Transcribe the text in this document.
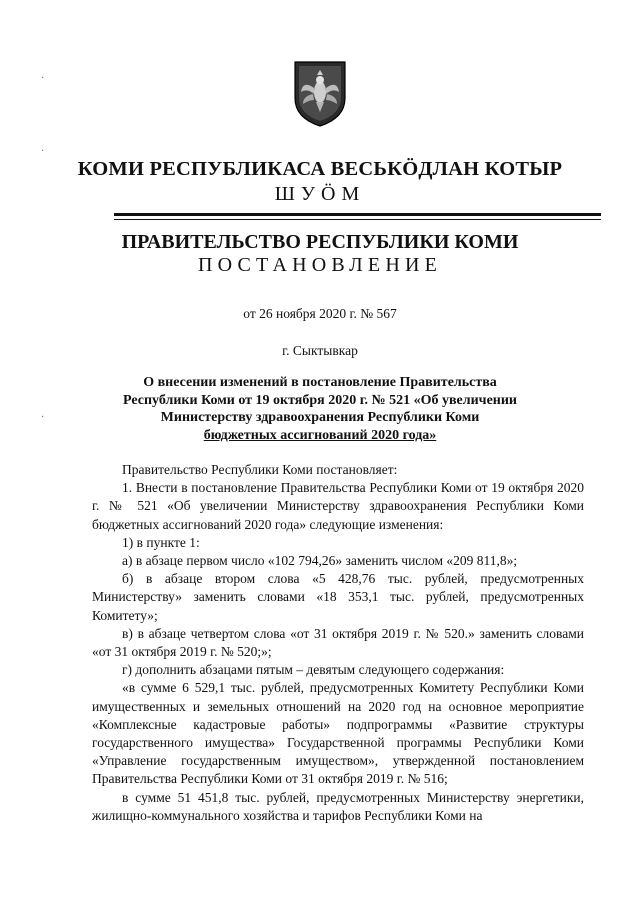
КОМИ РЕСПУБЛИКАСА ВЕСЬКӦДЛАН КОТЫР
ШУÖМ
ПРАВИТЕЛЬСТВО РЕСПУБЛИКИ КОМИ
ПОСТАНОВЛЕНИЕ
от 26 ноября 2020 г. № 567
г. Сыктывкар
О внесении изменений в постановление Правительства
Республики Коми от 19 октября 2020 г. № 521 «Об увеличении
Министерству здравоохранения Республики Коми
бюджетных ассигнований 2020 года»

Правительство Республики Коми постановляет:

1. Внести в постановление Правительства Республики Коми от 19 октября 2020 г. № 521 «Об увеличении Министерству здравоохранения Республики Коми бюджетных ассигнований 2020 года» следующие изменения:

1) в пункте 1:

а) в абзаце первом число «102 794,26» заменить числом «209 811,8»;

б) в абзаце втором слова «5 428,76 тыс. рублей, предусмотренных Министерству» заменить словами «18 353,1 тыс. рублей, предусмотренных Комитету»;

в) в абзаце четвертом слова «от 31 октября 2019 г. № 520.» заменить словами «от 31 октября 2019 г. № 520;»;

г) дополнить абзацами пятым – девятым следующего содержания:

«в сумме 6 529,1 тыс. рублей, предусмотренных Комитету Республики Коми имущественных и земельных отношений на 2020 год на основное мероприятие «Комплексные кадастровые работы» подпрограммы «Развитие структуры государственного имущества» Государственной программы Республики Коми «Управление государственным имуществом», утвержденной постановлением Правительства Республики Коми от 31 октября 2019 г. № 516;

в сумме 51 451,8 тыс. рублей, предусмотренных Министерству энергетики, жилищно-коммунального хозяйства и тарифов Республики Коми на

·
·
·
